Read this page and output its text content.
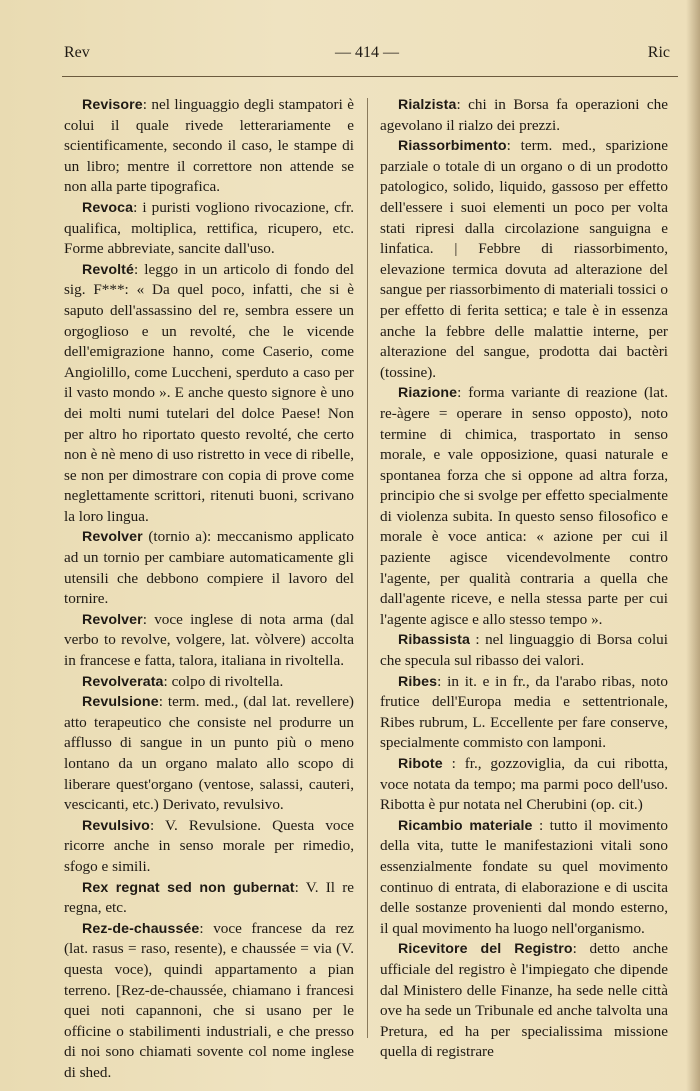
Rev	— 414 —	Ric

Revisore: nel linguaggio degli stampatori è colui il quale rivede letterariamente e scientificamente, secondo il caso, le stampe di un libro; mentre il correttore non attende se non alla parte tipografica.

Revoca: i puristi vogliono rivocazione, cfr. qualifica, moltiplica, rettifica, ricupero, etc. Forme abbreviate, sancite dall'uso.

Revolté: leggo in un articolo di fondo del sig. F***: « Da quel poco, infatti, che si è saputo dell'assassino del re, sembra essere un orgoglioso e un revolté, che le vicende dell'emigrazione hanno, come Caserio, come Angiolillo, come Luccheni, sperduto a caso per il vasto mondo ». E anche questo signore è uno dei molti numi tutelari del dolce Paese! Non per altro ho riportato questo revolté, che certo non è nè meno di uso ristretto in vece di ribelle, se non per dimostrare con copia di prove come neglettamente scrittori, ritenuti buoni, scrivano la loro lingua.

Revolver (tornio a): meccanismo applicato ad un tornio per cambiare automaticamente gli utensili che debbono compiere il lavoro del tornire.

Revolver: voce inglese di nota arma (dal verbo to revolve, volgere, lat. vòlvere) accolta in francese e fatta, talora, italiana in rivoltella.

Revolverata: colpo di rivoltella.

Revulsione: term. med., (dal lat. revellere) atto terapeutico che consiste nel produrre un afflusso di sangue in un punto più o meno lontano da un organo malato allo scopo di liberare quest'organo (ventose, salassi, cauteri, vescicanti, etc.) Derivato, revulsivo.

Revulsivo: V. Revulsione. Questa voce ricorre anche in senso morale per rimedio, sfogo e simili.

Rex regnat sed non gubernat: V. Il re regna, etc.

Rez-de-chaussée: voce francese da rez (lat. rasus = raso, resente), e chaussée = via (V. questa voce), quindi appartamento a pian terreno. [Rez-de-chaussée, chiamano i francesi quei noti capannoni, che si usano per le officine o stabilimenti industriali, e che presso di noi sono chiamati sovente col nome inglese di shed.

Rialzista: chi in Borsa fa operazioni che agevolano il rialzo dei prezzi.

Riassorbimento: term. med., sparizione parziale o totale di un organo o di un prodotto patologico, solido, liquido, gassoso per effetto dell'essere i suoi elementi un poco per volta stati ripresi dalla circolazione sanguigna e linfatica. | Febbre di riassorbimento, elevazione termica dovuta ad alterazione del sangue per riassorbimento di materiali tossici o per effetto di ferita settica; e tale è in essenza anche la febbre delle malattie interne, per alterazione del sangue, prodotta dai bactèri (tossine).

Riazione: forma variante di reazione (lat. re-àgere = operare in senso opposto), noto termine di chimica, trasportato in senso morale, e vale opposizione, quasi naturale e spontanea forza che si oppone ad altra forza, principio che si svolge per effetto specialmente di violenza subita. In questo senso filosofico e morale è voce antica: « azione per cui il paziente agisce vicendevolmente contro l'agente, per qualità contraria a quella che dall'agente riceve, e nella stessa parte per cui l'agente agisce e allo stesso tempo ».

Ribassista : nel linguaggio di Borsa colui che specula sul ribasso dei valori.

Ribes: in it. e in fr., da l'arabo ribas, noto frutice dell'Europa media e settentrionale, Ribes rubrum, L. Eccellente per fare conserve, specialmente commisto con lamponi.

Ribote : fr., gozzoviglia, da cui ribotta, voce notata da tempo; ma parmi poco dell'uso. Ribotta è pur notata nel Cherubini (op. cit.)

Ricambio materiale : tutto il movimento della vita, tutte le manifestazioni vitali sono essenzialmente fondate su quel movimento continuo di entrata, di elaborazione e di uscita delle sostanze provenienti dal mondo esterno, il qual movimento ha luogo nell'organismo.

Ricevitore del Registro: detto anche ufficiale del registro è l'impiegato che dipende dal Ministero delle Finanze, ha sede nelle città ove ha sede un Tribunale ed anche talvolta una Pretura, ed ha per specialissima missione quella di registrare
